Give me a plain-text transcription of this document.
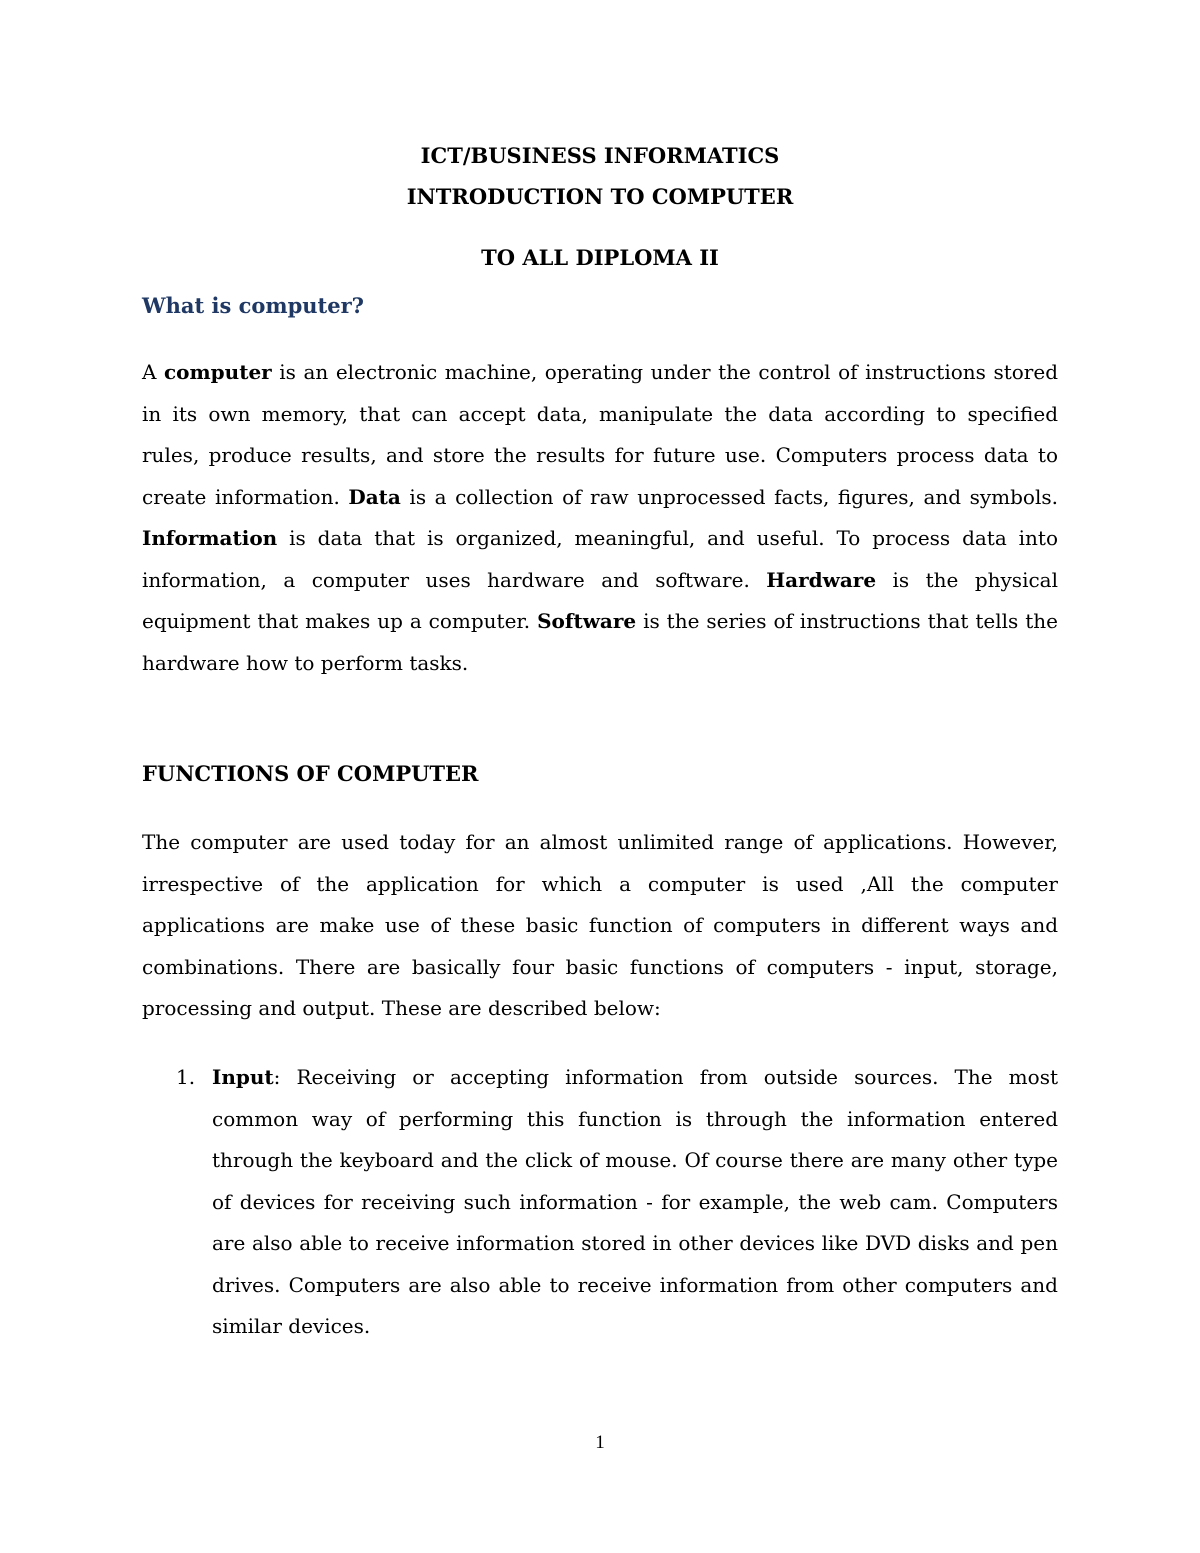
ICT/BUSINESS INFORMATICS
INTRODUCTION TO COMPUTER
TO ALL DIPLOMA II
What is computer?

A computer is an electronic machine, operating under the control of instructions stored in its own memory, that can accept data, manipulate the data according to specified rules, produce results, and store the results for future use. Computers process data to create information. Data is a collection of raw unprocessed facts, figures, and symbols. Information is data that is organized, meaningful, and useful. To process data into information, a computer uses hardware and software. Hardware is the physical equipment that makes up a computer. Software is the series of instructions that tells the hardware how to perform tasks.

FUNCTIONS OF COMPUTER

The computer are used today for an almost unlimited range of applications. However, irrespective of the application for which a computer is used ,All the computer applications are make use of these basic function of computers in different ways and combinations. There are basically four basic functions of computers - input, storage, processing and output. These are described below:

1. Input: Receiving or accepting information from outside sources. The most common way of performing this function is through the information entered through the keyboard and the click of mouse. Of course there are many other type of devices for receiving such information - for example, the web cam. Computers are also able to receive information stored in other devices like DVD disks and pen drives. Computers are also able to receive information from other computers and similar devices.
1
